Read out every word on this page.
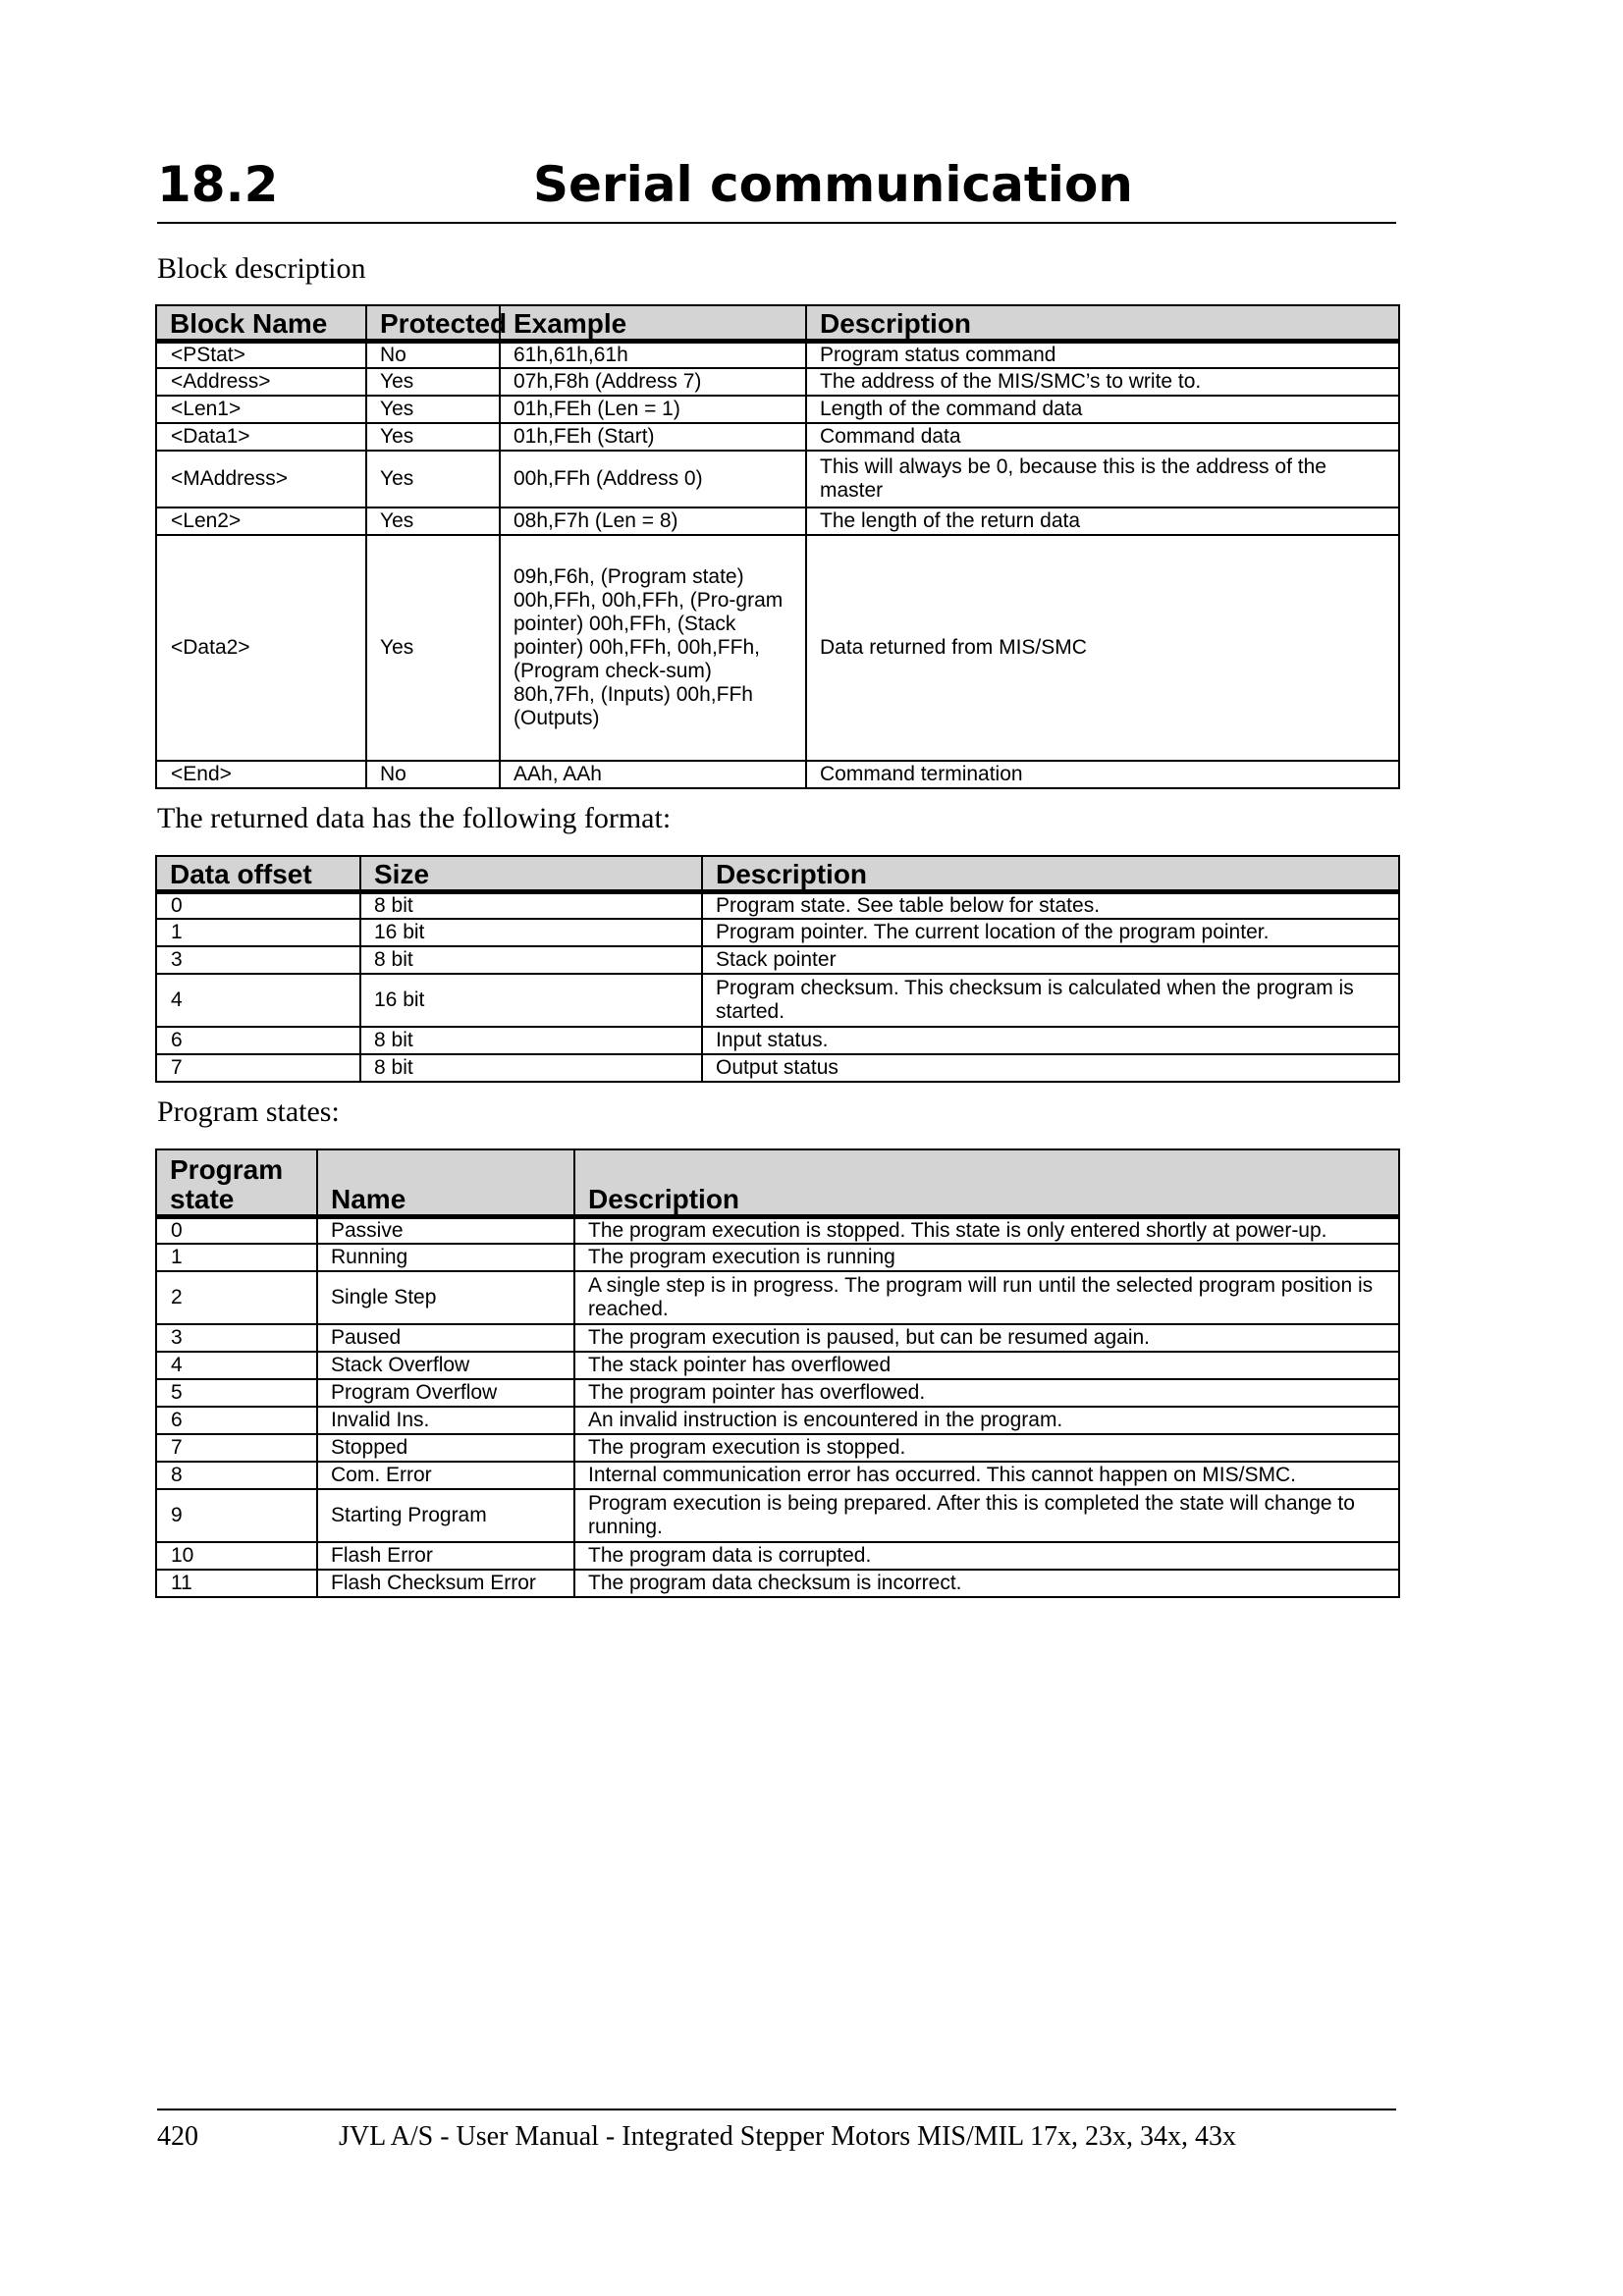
18.2	Serial communication
Block description
Block Name	Protected	Example	Description
<PStat>	No	61h,61h,61h	Program status command
<Address>	Yes	07h,F8h (Address 7)	The address of the MIS/SMC’s to write to.
<Len1>	Yes	01h,FEh (Len = 1)	Length of the command data
<Data1>	Yes	01h,FEh (Start)	Command data
<MAddress>	Yes	00h,FFh (Address 0)	This will always be 0, because this is the address of the master
<Len2>	Yes	08h,F7h (Len = 8)	The length of the return data
<Data2>	Yes	09h,F6h, (Program state) 00h,FFh, 00h,FFh, (Pro-gram pointer) 00h,FFh, (Stack pointer) 00h,FFh, 00h,FFh, (Program check-sum) 80h,7Fh, (Inputs) 00h,FFh (Outputs)	Data returned from MIS/SMC
<End>	No	AAh, AAh	Command termination
The returned data has the following format:
Data offset	Size	Description
0	8 bit	Program state. See table below for states.
1	16 bit	Program pointer. The current location of the program pointer.
3	8 bit	Stack pointer
4	16 bit	Program checksum. This checksum is calculated when the program is started.
6	8 bit	Input status.
7	8 bit	Output status
Program states:
Program state	Name	Description
0	Passive	The program execution is stopped. This state is only entered shortly at power-up.
1	Running	The program execution is running
2	Single Step	A single step is in progress. The program will run until the selected program position is reached.
3	Paused	The program execution is paused, but can be resumed again.
4	Stack Overflow	The stack pointer has overflowed
5	Program Overflow	The program pointer has overflowed.
6	Invalid Ins.	An invalid instruction is encountered in the program.
7	Stopped	The program execution is stopped.
8	Com. Error	Internal communication error has occurred. This cannot happen on MIS/SMC.
9	Starting Program	Program execution is being prepared. After this is completed the state will change to running.
10	Flash Error	The program data is corrupted.
11	Flash Checksum Error	The program data checksum is incorrect.
420	JVL A/S - User Manual - Integrated Stepper Motors MIS/MIL 17x, 23x, 34x, 43x
